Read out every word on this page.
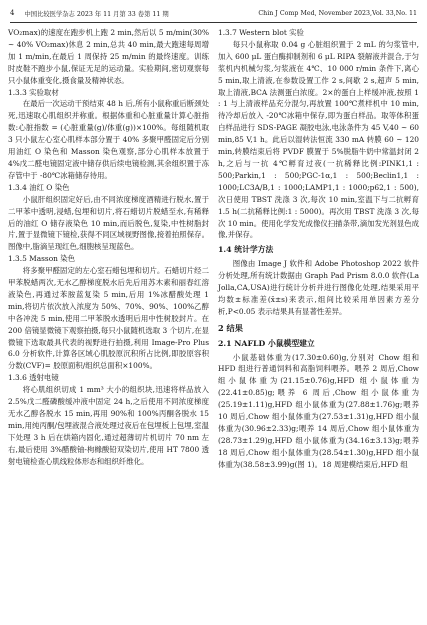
4 中国比较医学杂志 2023 年 11 月第 33 卷第 11 期	Chin J Comp Med, November 2023,Vol. 33,No. 11

VO₂max)的速度在跑步机上跑 2 min,然后以 5 m/min(30% ~ 40% VO₂max)休息 2 min,总共 40 min,最大跑速每周增加 1 m/min,在最后 1 周保持 25 m/min 的最终速度。训练时皮鞋不跑步小鼠,保证无足的运动量。实验期间,密切观察每只小鼠体重变化,摄食量及精神状态。

1.3.3 实验取材

在最后一次运动干预结束 48 h 后,所有小鼠称重后断颈处死,迅速取心肌组织并称重。根据体重和心脏重量计算心脏指数:心脏指数 = (心脏重量(g)/体重(g))×100%。每组随机取 3 只小鼠左心室心肌样本部分置于 40% 多聚甲醛固定后分别用油红 O 染色和 Masson 染色观察,部分心肌样本放置于 4%戊二醛电镜固定液中储存供后续电镜检测,其余组织置于冻存管中于 -80℃冰箱储存待用。

1.3.4 油红 O 染色

小鼠肝组织固定好后,由不同浓度梯度酒精进行脱水,置于二甲苯中透明,浸蜡,包埋和切片,将石蜡切片脱蜡至水,有稀释后的油红 O 储存液染色 10 min,而后脱色,复染,中性树脂封片,置于显微镜下镜检,获得不同区域视野图像,接着拍照保存。图像中,脂滴呈现红色,细胞核呈现蓝色。

1.3.5 Masson 染色

将多聚甲醛固定的左心室石蜡包埋和切片。石蜡切片经二甲苯脱蜡两次,无水乙醇梯度脱水后先后用苏木素和丽春红溶液染色,再通过苯胺蓝复染 5 min,后用 1%冰醋酸处理 1 min,将切片依次放入浓度为 50%、70%、90%、100%乙醇中各冲洗 5 min,使用二甲苯脱水透明后用中性树胶封片。在 200 倍镜显微镜下观察拍摄,每只小鼠随机选取 3 个切片,在显微镜下选取最具代表的视野进行拍摄,利用 Image-Pro Plus 6.0 分析软件,计算各区域心肌胶原沉积所占比例,即胶原容积分数(CVF)= 胶原面积/组织总面积×100%。

1.3.6 透射电镜

将心肌组织切成 1 mm³ 大小的组织块,迅速将样品放入 2.5%戊二醛磷酸缓冲液中固定 24 h,之后使用不同浓度梯度无水乙醇各脱水 15 min,再用 90%和 100%丙酮各脱水 15 min,用纯丙酮/包埋液混合液处理过夜后在包埋板上包埋,室温下处理 3 h 后在烘箱内固化,通过超薄切片机切片 70 nm 左右,最后使用 3%醋酸铀-枸橼酸铅双染切片,使用 HT 7800 透射电镜检查心肌线粒体形态和组织纤维化。

1.3.7 Western blot 实验

每只小鼠称取 0.04 g 心脏组织置于 2 mL 的匀浆管中,加入 600 μL 蛋白酶抑制剂和 6 μL RIPA 裂解液并混合,于匀浆机内机械匀浆,匀浆液在 4℃、10 000 r/min 条件下,离心 5 min,取上清液,在参数设置工作 2 s,间歇 2 s,超声 5 min,取上清液,BCA 法测蛋白浓度。2×的蛋白上样缓冲液,按照 1 : 1 与上清液样品充分混匀,再放置 100℃煮样机中 10 min,待冷却后放入 -20℃冰箱中保存,即为蛋白样品。取等体积蛋白样品进行 SDS-PAGE 凝胶电泳,电泳条件为 45 V,40 ~ 60 min,85 V,1 h。此后以湿转法恒流 330 mA 转膜 60 ~ 120 min,转膜结束后将 PVDF 膜置于 5%脱脂牛奶中常温封闭 2 h,之后与一抗 4℃孵育过夜(一抗稀释比例:PINK1,1 : 500;Parkin,1 : 500;PGC-1α,1 : 500;Beclin1,1 : 1000;LC3A/B,1 : 1000;LAMP1,1 : 1000;p62,1 : 500),次日使用 TBST 洗涤 3 次,每次 10 min,室温下与二抗孵育 1.5 h(二抗稀释比例:1 : 5000)。再次用 TBST 洗涤 3 次,每次 10 min。使用化学发光成像仪扫描条带,滴加发光剂显色成像,并保存。

1.4 统计学方法

图像由 Image J 软件和 Adobe Photoshop 2022 软件分析处理,所有统计数据由 Graph Pad Prism 8.0.0 软件(La Jolla,CA,USA)进行统计分析并进行图像化处理,结果采用平均数±标准差(x̄±s)来表示,组间比较采用单因素方差分析,P<0.05 表示结果具有显著性差异。

2 结果

2.1 NAFLD 小鼠模型建立

小鼠基础体重为(17.30±0.60)g,分别对 Chow 组和 HFD 组进行普通饲料和高脂饲料喂养。喂养 2 周后,Chow 组小鼠体重为(21.15±0.76)g,HFD 组小鼠体重为(22.41±0.85)g;喂养 6 周后,Chow 组小鼠体重为(25.19±1.11)g,HFD 组小鼠体重为(27.88±1.76)g;喂养 10 周后,Chow 组小鼠体重为(27.53±1.31)g,HFD 组小鼠体重为(30.96±2.33)g;喂养 14 周后,Chow 组小鼠体重为(28.73±1.29)g,HFD 组小鼠体重为(34.16±3.13)g;喂养 18 周后,Chow 组小鼠体重为(28.54±1.30)g,HFD 组小鼠体重为(38.58±3.99)g(图 1)。18 周建模结束后,HFD 组
